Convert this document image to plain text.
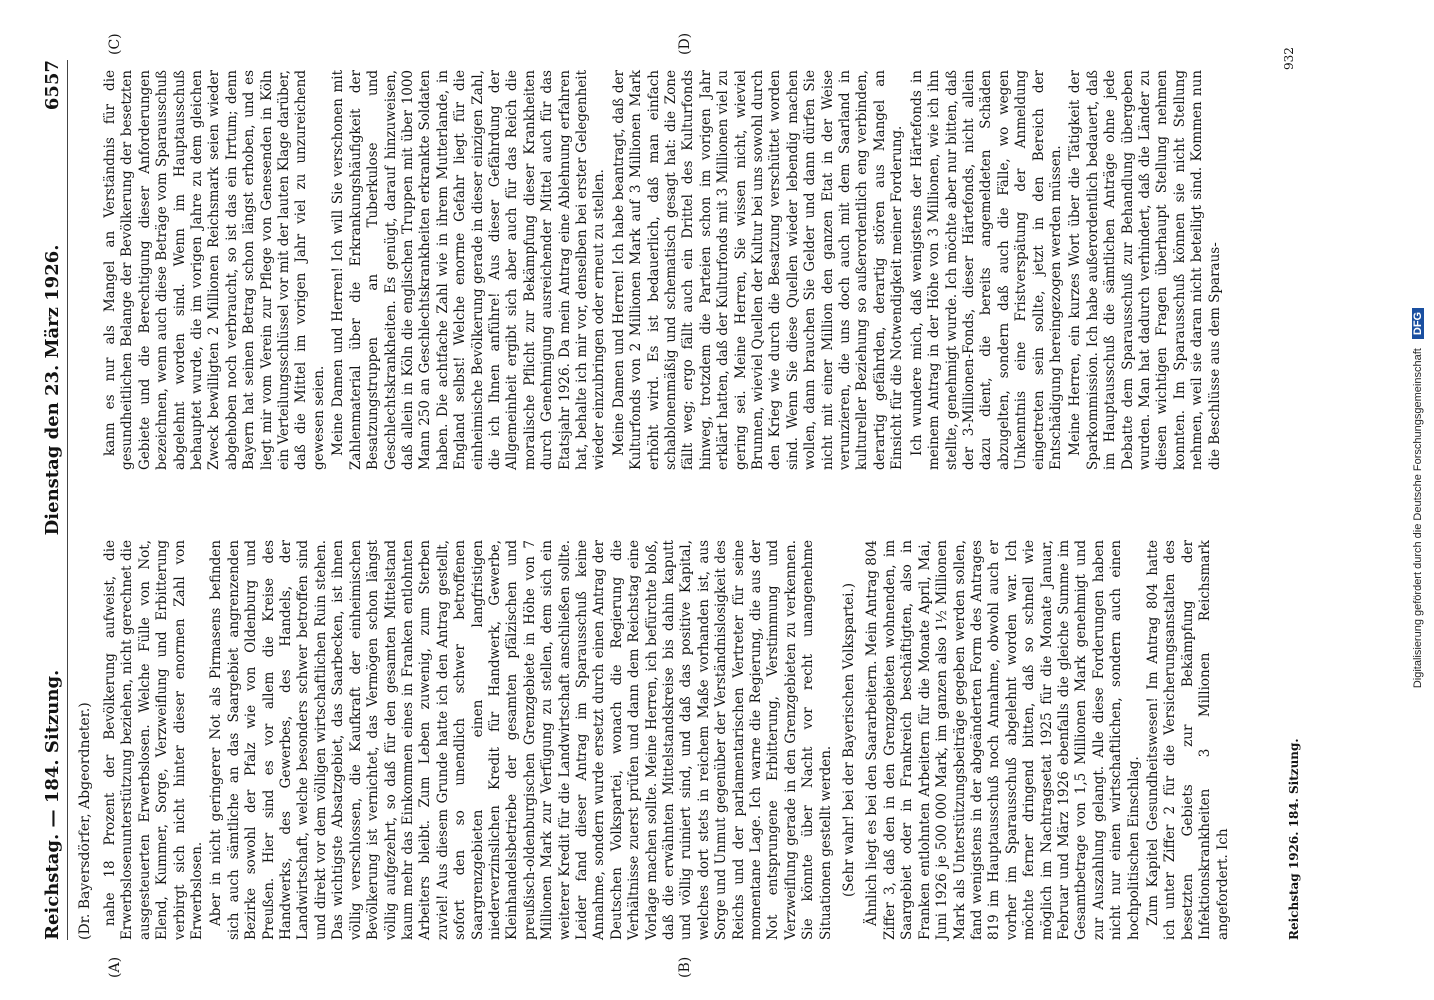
Reichstag. — 184. Sitzung.
Dienstag den 23. März 1926.
6557
(Dr. Bayersdörfer, Abgeordneter.)
(A)	(B)
(C)	(D)

nahe 18 Prozent der Bevölkerung aufweist, die Erwerbslosenunterstützung beziehen, nicht gerechnet die ausgesteuerten Erwerbslosen. Welche Fülle von Not, Elend, Kummer, Sorge, Verzweiflung und Erbitterung verbirgt sich nicht hinter dieser enormen Zahl von Erwerbslosen. Aber in nicht geringerer Not als Pirmasens befinden sich auch sämtliche an das Saargebiet angrenzenden Bezirke sowohl der Pfalz wie von Oldenburg und Preußen. Hier sind es vor allem die Kreise des Handwerks, des Gewerbes, des Handels, der Landwirtschaft, welche besonders schwer betroffen sind und direkt vor dem völligen wirtschaftlichen Ruin stehen. Das wichtigste Absatzgebiet, das Saarbecken, ist ihnen völlig verschlossen, die Kaufkraft der einheimischen Bevölkerung ist vernichtet, das Vermögen schon längst völlig aufgezehrt, so daß für den gesamten Mittelstand kaum mehr das Einkommen eines in Franken entlohnten Arbeiters bleibt. Zum Leben zuwenig, zum Sterben zuviel! Aus diesem Grunde hatte ich den Antrag gestellt, sofort den so unendlich schwer betroffenen Saargrenzgebieten einen langfristigen niederverzinslichen Kredit für Handwerk, Gewerbe, Kleinhandelsbetriebe der gesamten pfälzischen und preußisch-oldenburgischen Grenzgebiete in Höhe von 7 Millionen Mark zur Verfügung zu stellen, dem sich ein weiterer Kredit für die Landwirtschaft anschließen sollte. Leider fand dieser Antrag im Sparausschuß keine Annahme, sondern wurde ersetzt durch einen Antrag der Deutschen Volkspartei, wonach die Regierung die Verhältnisse zuerst prüfen und dann dem Reichstag eine Vorlage machen sollte. Meine Herren, ich befürchte bloß, daß die erwähnten Mittelstandskreise bis dahin kaputt und völlig ruiniert sind, und daß das positive Kapital, welches dort stets in reichem Maße vorhanden ist, aus Sorge und Unmut gegenüber der Verständnislosigkeit des Reichs und der parlamentarischen Vertreter für seine momentane Lage. Ich warne die Regierung, die aus der Not entsprungene Erbitterung, Verstimmung und Verzweiflung gerade in den Grenzgebieten zu verkennen. Sie könnte über Nacht vor recht unangenehme Situationen gestellt werden. (Sehr wahr! bei der Bayerischen Volkspartei.) Ähnlich liegt es bei den Saararbeitern. Mein Antrag 804 Ziffer 3, daß den in den Grenzgebieten wohnenden, im Saargebiet oder in Frankreich beschäftigten, also in Franken entlohnten Arbeitern für die Monate April, Mai, Juni 1926 je 500 000 Mark, im ganzen also 1½ Millionen Mark als Unterstützungsbeiträge gegeben werden sollen, fand wenigstens in der abgeänderten Form des Antrages 819 im Hauptausschuß noch Annahme, obwohl auch er vorher im Sparausschuß abgelehnt worden war. Ich möchte ferner dringend bitten, daß so schnell wie möglich im Nachtragsetat 1925 für die Monate Januar, Februar und März 1926 ebenfalls die gleiche Summe im Gesamtbetrage von 1,5 Millionen Mark genehmigt und zur Auszahlung gelangt. Alle diese Forderungen haben nicht nur einen wirtschaftlichen, sondern auch einen hochpolitischen Einschlag. Zum Kapitel Gesundheitswesen! Im Antrag 804 hatte ich unter Ziffer 2 für die Versicherungsanstalten des besetzten Gebiets zur Bekämpfung der Infektionskrankheiten 3 Millionen Reichsmark angefordert. Ich

kann es nur als Mangel an Verständnis für die gesundheitlichen Belange der Bevölkerung der besetzten Gebiete und die Berechtigung dieser Anforderungen bezeichnen, wenn auch diese Beträge vom Sparausschuß abgelehnt worden sind. Wenn im Hauptausschuß behauptet wurde, die im vorigen Jahre zu dem gleichen Zweck bewilligten 2 Millionen Reichsmark seien wieder abgehoben noch verbraucht, so ist das ein Irrtum; denn Bayern hat seinen Betrag schon längst erhoben, und es liegt mir vom Verein zur Pflege von Genesenden in Köln ein Verteilungsschlüssel vor mit der lauten Klage darüber, daß die Mittel im vorigen Jahr viel zu unzureichend gewesen seien. Meine Damen und Herren! Ich will Sie verschonen mit Zahlenmaterial über die Erkrankungshäufigkeit der Besatzungstruppen an Tuberkulose und Geschlechtskrankheiten. Es genügt, darauf hinzuweisen, daß allein in Köln die englischen Truppen mit über 1000 Mann 250 an Geschlechtskrankheiten erkrankte Soldaten haben. Die achtfache Zahl wie in ihrem Mutterlande, in England selbst! Welche enorme Gefahr liegt für die einheimische Bevölkerung gerade in dieser einzigen Zahl, die ich Ihnen anführe! Aus dieser Gefährdung der Allgemeinheit ergibt sich aber auch für das Reich die moralische Pflicht zur Bekämpfung dieser Krankheiten durch Genehmigung ausreichender Mittel auch für das Etatsjahr 1926. Da mein Antrag eine Ablehnung erfahren hat, behalte ich mir vor, denselben bei erster Gelegenheit wieder einzubringen oder erneut zu stellen. Meine Damen und Herren! Ich habe beantragt, daß der Kulturfonds von 2 Millionen Mark auf 3 Millionen Mark erhöht wird. Es ist bedauerlich, daß man einfach schablonenmäßig und schematisch gesagt hat: die Zone fällt weg; ergo fällt auch ein Drittel des Kulturfonds hinweg, trotzdem die Parteien schon im vorigen Jahr erklärt hatten, daß der Kulturfonds mit 3 Millionen viel zu gering sei. Meine Herren, Sie wissen nicht, wieviel Brunnen, wieviel Quellen der Kultur bei uns sowohl durch den Krieg wie durch die Besatzung verschüttet worden sind. Wenn Sie diese Quellen wieder lebendig machen wollen, dann brauchen Sie Gelder und dann dürfen Sie nicht mit einer Million den ganzen Etat in der Weise verunzieren, die uns doch auch mit dem Saarland in kultureller Beziehung so außerordentlich eng verbinden, derartig gefährden, derartig stören aus Mangel an Einsicht für die Notwendigkeit meiner Forderung. Ich wundere mich, daß wenigstens der Härtefonds in meinem Antrag in der Höhe von 3 Millionen, wie ich ihn stellte, genehmigt wurde. Ich möchte aber nur bitten, daß der 3-Millionen-Fonds, dieser Härtefonds, nicht allein dazu dient, die bereits angemeldeten Schäden abzugelten, sondern daß auch die Fälle, wo wegen Unkenntnis eine Fristverspätung der Anmeldung eingetreten sein sollte, jetzt in den Bereich der Entschädigung hereingezogen werden müssen. Meine Herren, ein kurzes Wort über die Tätigkeit der Sparkommission. Ich habe außerordentlich bedauert, daß im Hauptausschuß die sämtlichen Anträge ohne jede Debatte dem Sparausschuß zur Behandlung übergeben wurden. Man hat dadurch verhindert, daß die Länder zu diesen wichtigen Fragen überhaupt Stellung nehmen konnten. Im Sparausschuß können sie nicht Stellung nehmen, weil sie daran nicht beteiligt sind. Kommen nun die Beschlüsse aus dem Sparaus-

Reichstag 1926. 184. Sitzung.
932
Digitalisierung gefördert durch die Deutsche Forschungsgemeinschaft DFG
